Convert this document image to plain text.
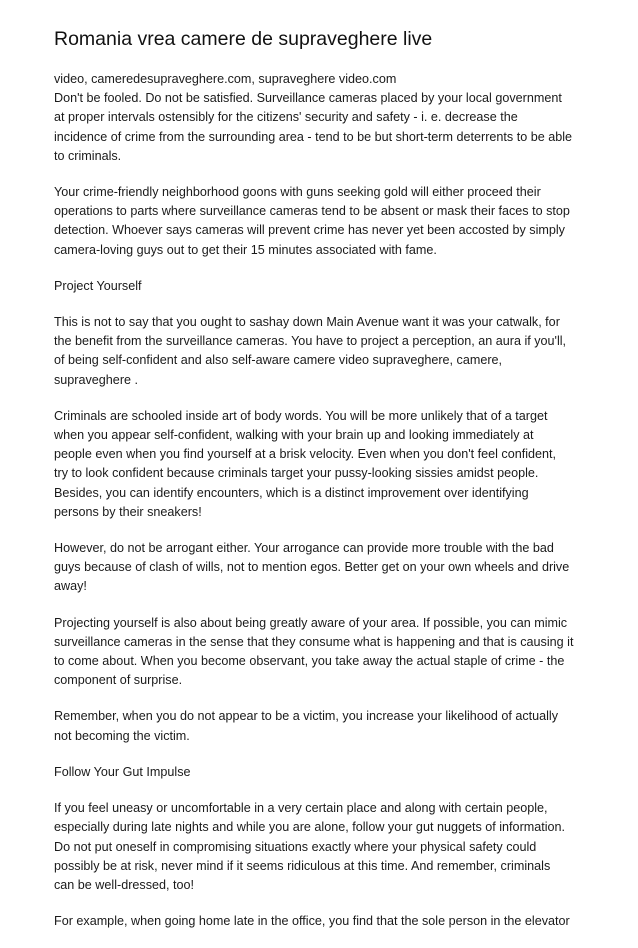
Romania vrea camere de supraveghere live
video, cameredesupraveghere.com, supraveghere video.com
Don't be fooled. Do not be satisfied. Surveillance cameras placed by your local government
at proper intervals ostensibly for the citizens' security and safety - i. e. decrease the
incidence of crime from the surrounding area - tend to be but short-term deterrents to be able
to criminals.
Your crime-friendly neighborhood goons with guns seeking gold will either proceed their
operations to parts where surveillance cameras tend to be absent or mask their faces to stop
detection. Whoever says cameras will prevent crime has never yet been accosted by simply
camera-loving guys out to get their 15 minutes associated with fame.
Project Yourself
This is not to say that you ought to sashay down Main Avenue want it was your catwalk, for
the benefit from the surveillance cameras. You have to project a perception, an aura if you'll,
of being self-confident and also self-aware camere video supraveghere, camere,
supraveghere .
Criminals are schooled inside art of body words. You will be more unlikely that of a target
when you appear self-confident, walking with your brain up and looking immediately at
people even when you find yourself at a brisk velocity. Even when you don't feel confident,
try to look confident because criminals target your pussy-looking sissies amidst people.
Besides, you can identify encounters, which is a distinct improvement over identifying
persons by their sneakers!
However, do not be arrogant either. Your arrogance can provide more trouble with the bad
guys because of clash of wills, not to mention egos. Better get on your own wheels and drive
away!
Projecting yourself is also about being greatly aware of your area. If possible, you can mimic
surveillance cameras in the sense that they consume what is happening and that is causing it
to come about. When you become observant, you take away the actual staple of crime - the
component of surprise.
Remember, when you do not appear to be a victim, you increase your likelihood of actually
not becoming the victim.
Follow Your Gut Impulse
If you feel uneasy or uncomfortable in a very certain place and along with certain people,
especially during late nights and while you are alone, follow your gut nuggets of information.
Do not put oneself in compromising situations exactly where your physical safety could
possibly be at risk, never mind if it seems ridiculous at this time. And remember, criminals
can be well-dressed, too!
For example, when going home late in the office, you find that the sole person in the elevator
